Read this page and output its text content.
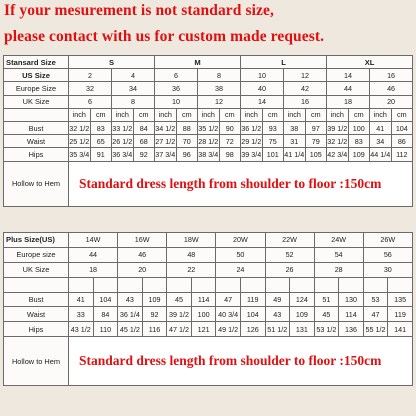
If your mesurement is not standard size,
please contact with us for custom made request.
Stansard Size	S				M				L				XL			
US Size	2		4		6		8		10		12		14		16	
Europe Size	32		34		36		38		40		42		44		46	
UK Size	6		8		10		12		14		16		18		20	
	inch	cm	inch	cm	inch	cm	inch	cm	inch	cm	inch	cm	inch	cm	inch	cm
Bust	32 1/2	83	33 1/2	84	34 1/2	88	35 1/2	90	36 1/2	93	38	97	39 1/2	100	41	104
Waist	25 1/2	65	26 1/2	68	27 1/2	70	28 1/2	72	29 1/2	75	31	79	32 1/2	83	34	86
Hips	35 3/4	91	36 3/4	92	37 3/4	96	38 3/4	98	39 3/4	101	41 1/4	105	42 3/4	109	44 1/4	112
Hollow to Hem	Standard dress length from shoulder to floor :150cm															
Plus Size(US)	14W		16W		18W		20W		22W		24W		26W	
Europe size	44		46		48		50		52		54		56	
UK Size	18		20		22		24		26		28		30	

Bust	41	104	43	109	45	114	47	119	49	124	51	130	53	135
Waist	33	84	36 1/4	92	39 1/2	100	40 3/4	104	43	109	45	114	47	119
Hips	43 1/2	110	45 1/2	116	47 1/2	121	49 1/2	126	51 1/2	131	53 1/2	136	55 1/2	141
Hollow to Hem	Standard dress length from shoulder to floor :150cm													
